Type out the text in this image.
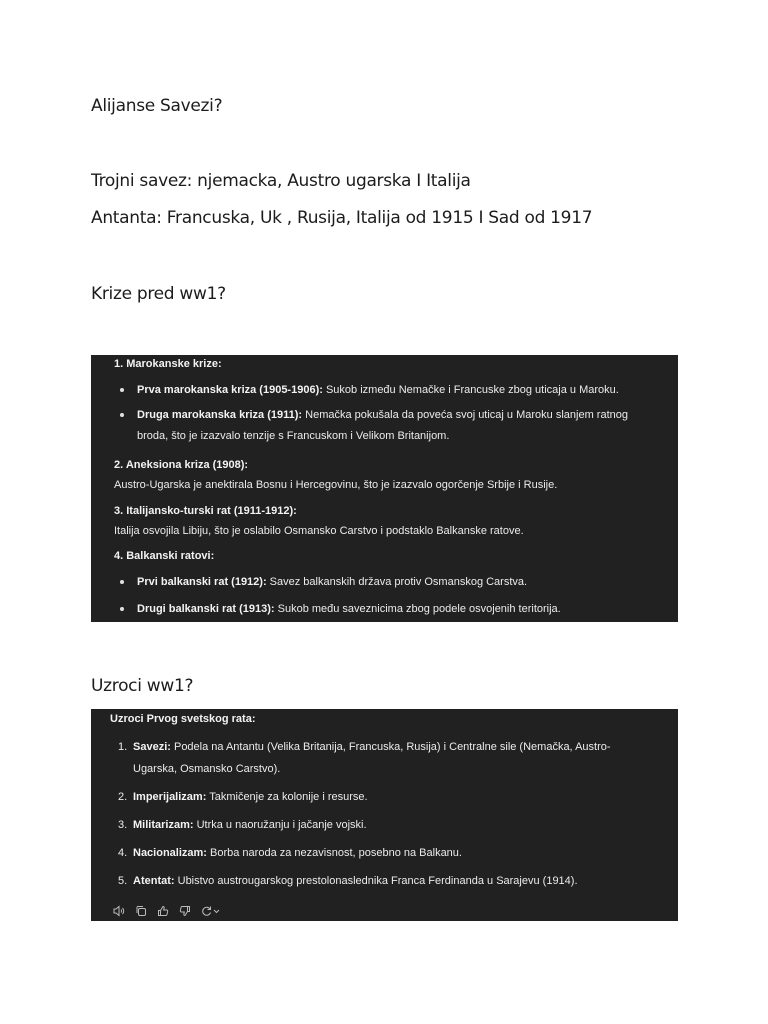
Alijanse Savezi?

Trojni savez: njemacka, Austro ugarska I Italija

Antanta: Francuska, Uk , Rusija, Italija od 1915 I Sad od 1917

Krize pred ww1?

1. Marokanske krize:

Prva marokanska kriza (1905-1906): Sukob između Nemačke i Francuske zbog uticaja u Maroku.

Druga marokanska kriza (1911): Nemačka pokušala da poveća svoj uticaj u Maroku slanjem ratnog

broda, što je izazvalo tenzije s Francuskom i Velikom Britanijom.

2. Aneksiona kriza (1908):

Austro-Ugarska je anektirala Bosnu i Hercegovinu, što je izazvalo ogorčenje Srbije i Rusije.

3. Italijansko-turski rat (1911-1912):

Italija osvojila Libiju, što je oslabilo Osmansko Carstvo i podstaklo Balkanske ratove.

4. Balkanski ratovi:

Prvi balkanski rat (1912): Savez balkanskih država protiv Osmanskog Carstva.

Drugi balkanski rat (1913): Sukob među saveznicima zbog podele osvojenih teritorija.

Uzroci ww1?

Uzroci Prvog svetskog rata:

1. Savezi: Podela na Antantu (Velika Britanija, Francuska, Rusija) i Centralne sile (Nemačka, Austro-

Ugarska, Osmansko Carstvo).

2. Imperijalizam: Takmičenje za kolonije i resurse.

3. Militarizam: Utrka u naoružanju i jačanje vojski.

4. Nacionalizam: Borba naroda za nezavisnost, posebno na Balkanu.

5. Atentat: Ubistvo austrougarskog prestolonaslednika Franca Ferdinanda u Sarajevu (1914).
